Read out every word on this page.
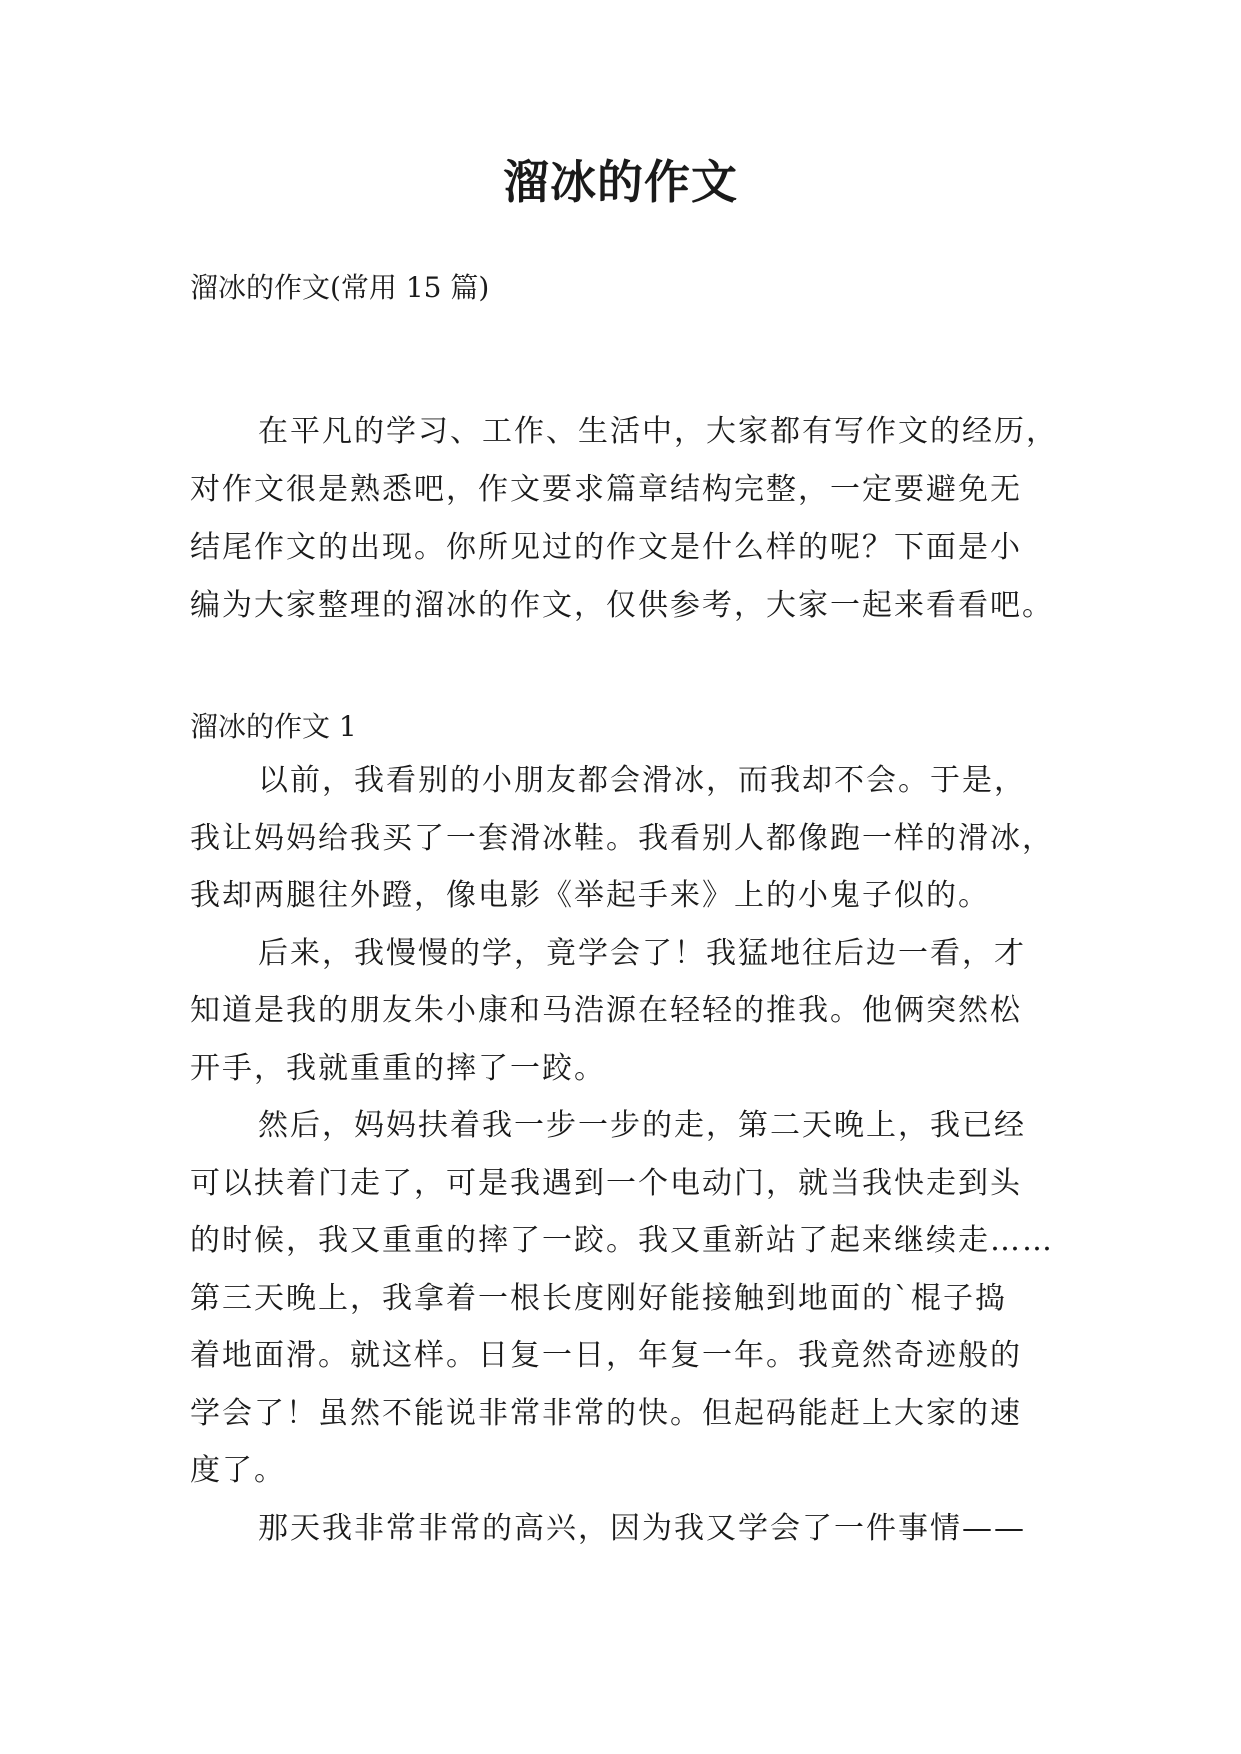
溜冰的作文

溜冰的作文(常用 15 篇)

在平凡的学习、工作、生活中，大家都有写作文的经历，
对作文很是熟悉吧，作文要求篇章结构完整，一定要避免无
结尾作文的出现。你所见过的作文是什么样的呢？下面是小
编为大家整理的溜冰的作文，仅供参考，大家一起来看看吧。

溜冰的作文 1

以前，我看别的小朋友都会滑冰，而我却不会。于是，
我让妈妈给我买了一套滑冰鞋。我看别人都像跑一样的滑冰，
我却两腿往外蹬，像电影《举起手来》上的小鬼子似的。
后来，我慢慢的学，竟学会了！我猛地往后边一看，才
知道是我的朋友朱小康和马浩源在轻轻的推我。他俩突然松
开手，我就重重的摔了一跤。
然后，妈妈扶着我一步一步的走，第二天晚上，我已经
可以扶着门走了，可是我遇到一个电动门，就当我快走到头
的时候，我又重重的摔了一跤。我又重新站了起来继续走……
第三天晚上，我拿着一根长度刚好能接触到地面的`棍子捣
着地面滑。就这样。日复一日，年复一年。我竟然奇迹般的
学会了！虽然不能说非常非常的快。但起码能赶上大家的速
度了。
那天我非常非常的高兴，因为我又学会了一件事情——
